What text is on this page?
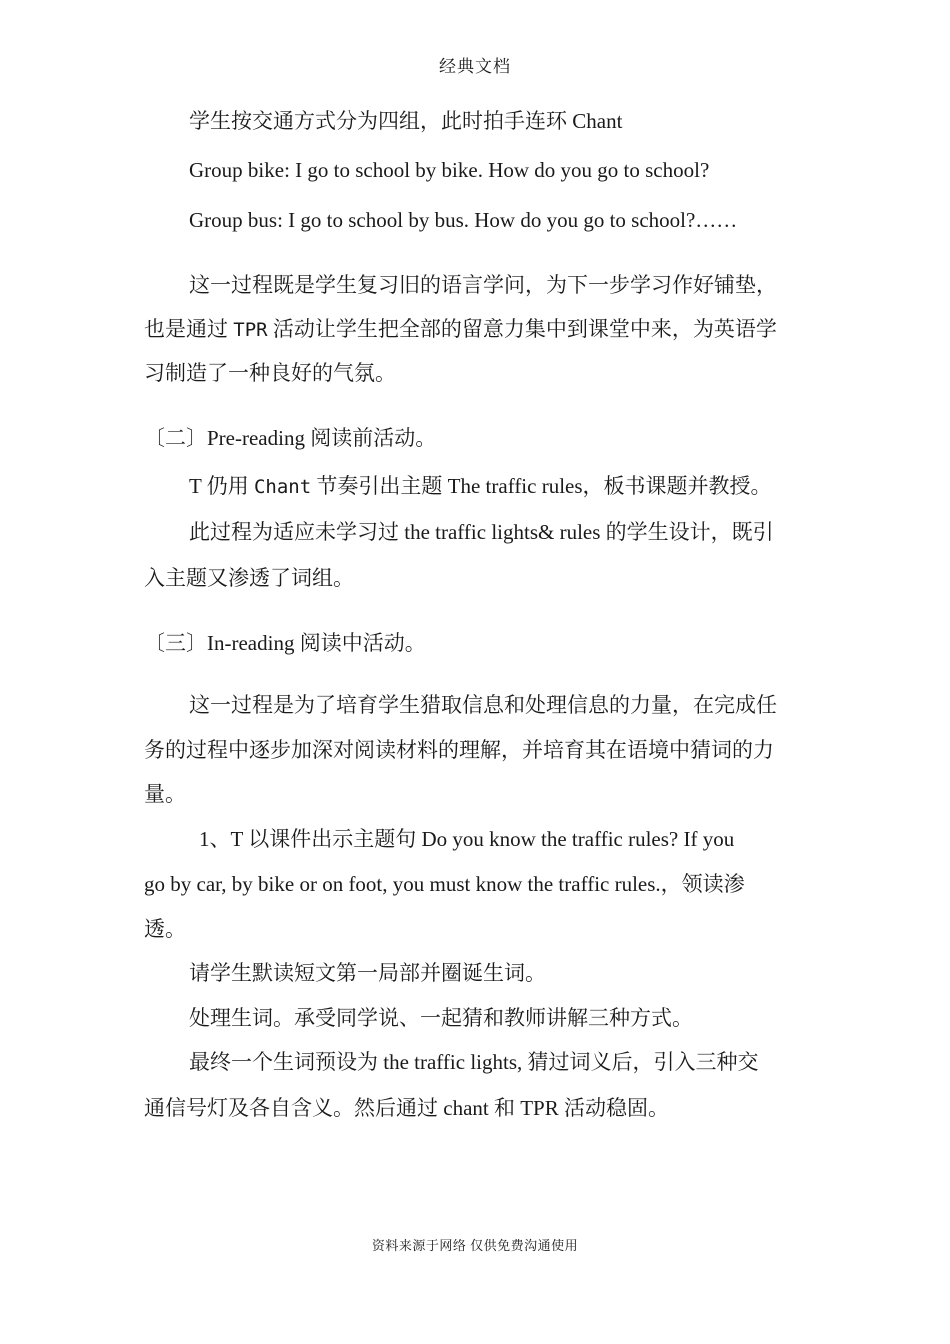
经典文档
学生按交通方式分为四组，此时拍手连环 Chant
Group bike: I go to school by bike. How do you go to school?
Group bus: I go to school by bus. How do you go to school?……
这一过程既是学生复习旧的语言学问，为下一步学习作好铺垫，
也是通过 TPR 活动让学生把全部的留意力集中到课堂中来，为英语学
习制造了一种良好的气氛。
〔二〕Pre-reading 阅读前活动。
T 仍用 Chant 节奏引出主题 The traffic rules，板书课题并教授。
此过程为适应未学习过 the traffic lights& rules 的学生设计，既引
入主题又渗透了词组。
〔三〕In-reading 阅读中活动。
这一过程是为了培育学生猎取信息和处理信息的力量，在完成任
务的过程中逐步加深对阅读材料的理解，并培育其在语境中猜词的力
量。
1、T 以课件出示主题句 Do you know the traffic rules? If you
go by car, by bike or on foot, you must know the traffic rules.，领读渗
透。
请学生默读短文第一局部并圈诞生词。
处理生词。承受同学说、一起猜和教师讲解三种方式。
最终一个生词预设为 the traffic lights, 猜过词义后，引入三种交
通信号灯及各自含义。然后通过 chant 和 TPR 活动稳固。
资料来源于网络 仅供免费沟通使用
